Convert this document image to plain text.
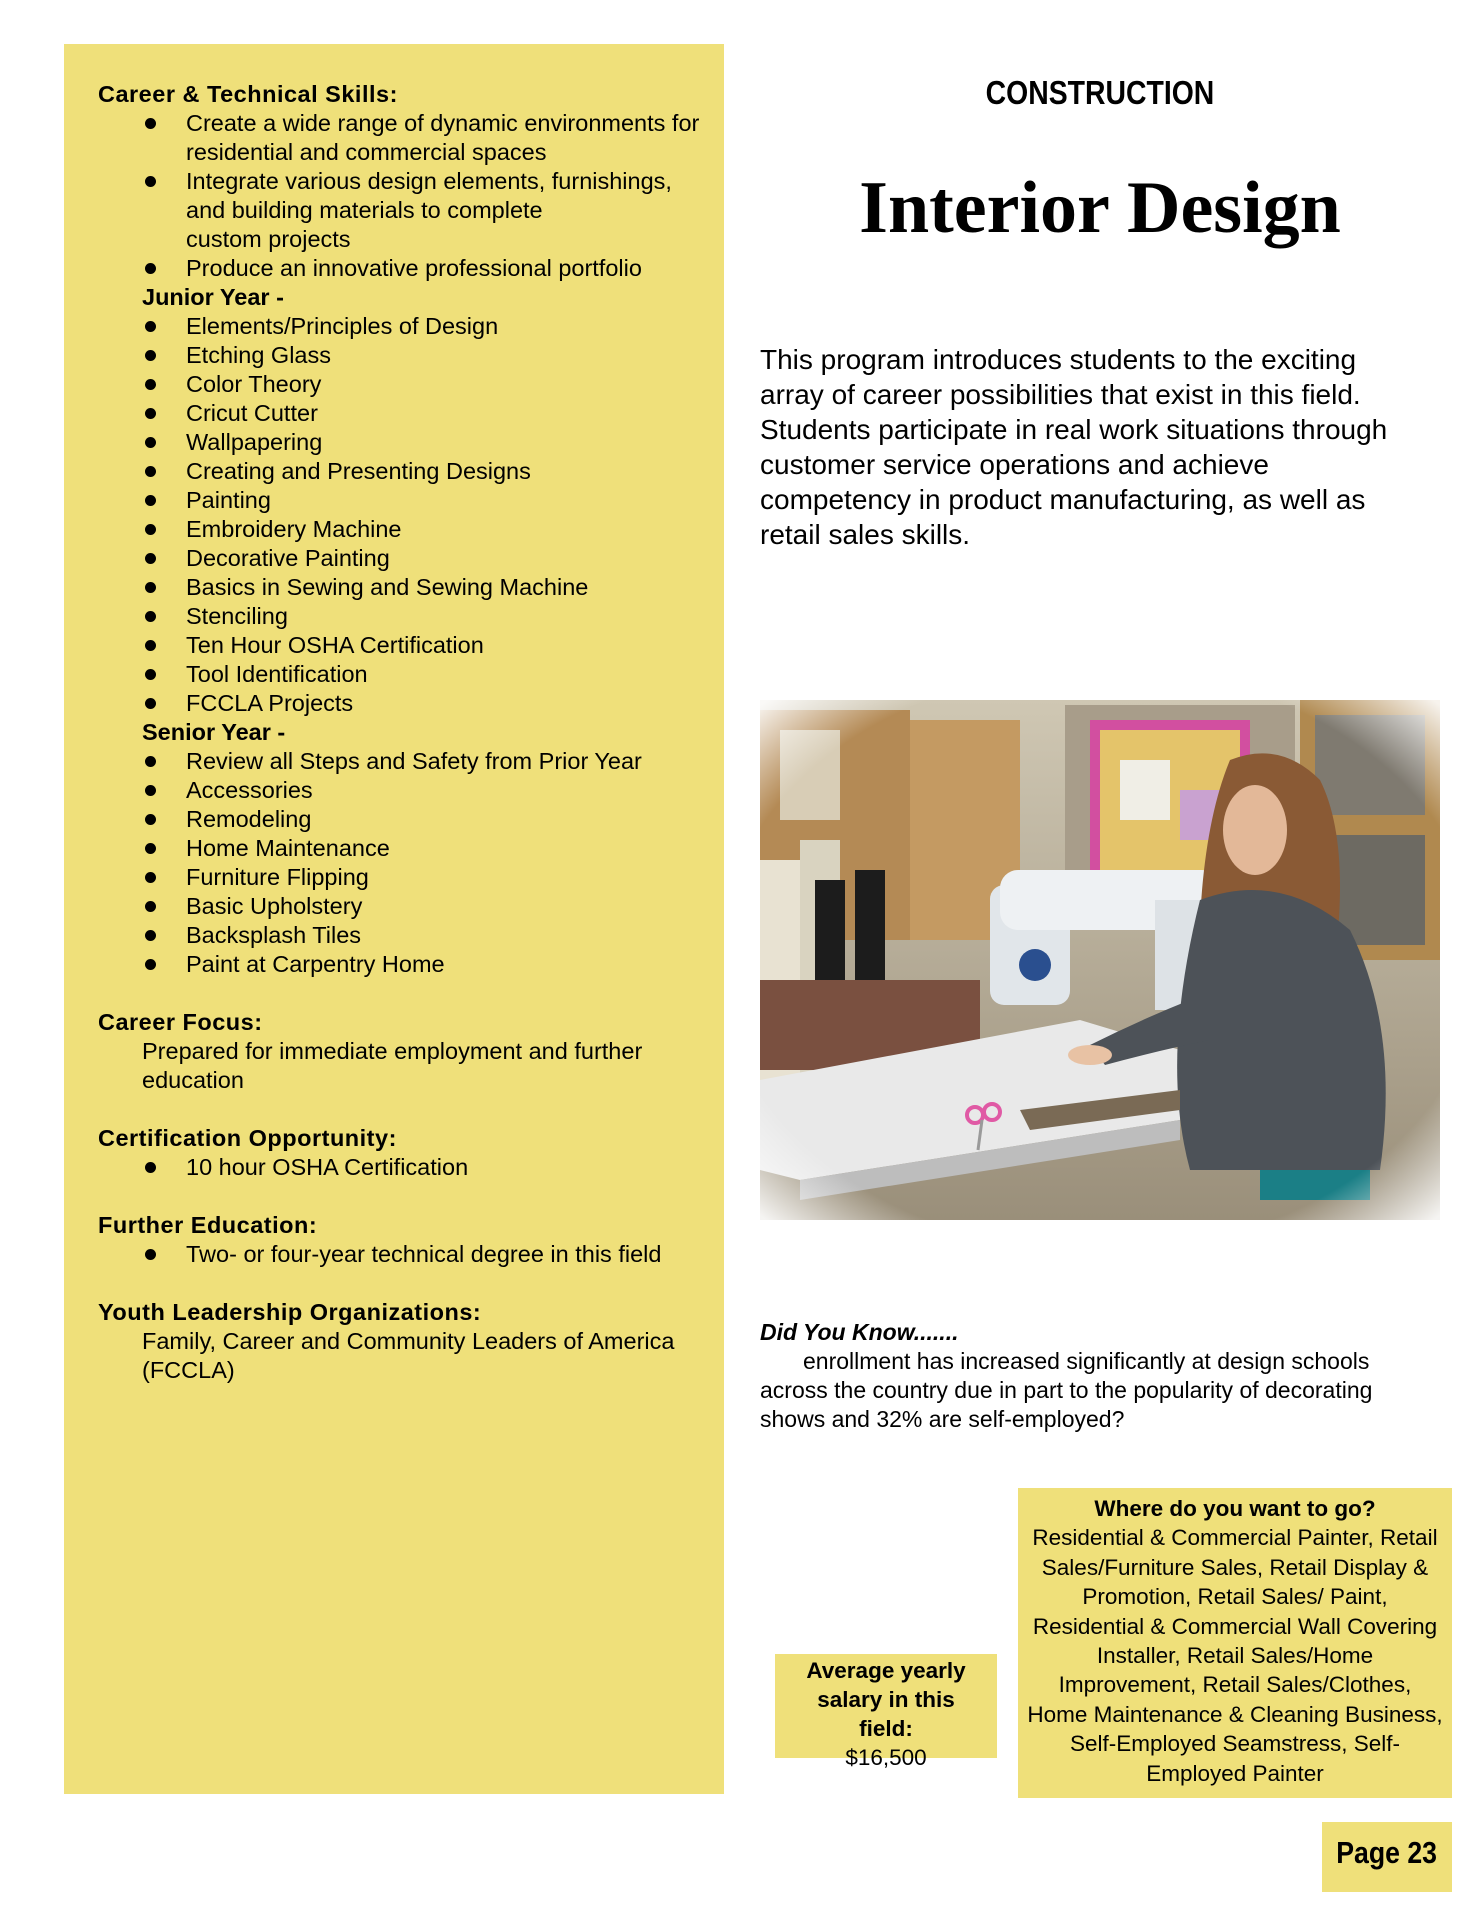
Career & Technical Skills:
Create a wide range of dynamic environments for
residential and commercial spaces
Integrate various design elements, furnishings,
and building materials to complete
custom projects
Produce an innovative professional portfolio
Junior Year -
Elements/Principles of Design
Etching Glass
Color Theory
Cricut Cutter
Wallpapering
Creating and Presenting Designs
Painting
Embroidery Machine
Decorative Painting
Basics in Sewing and Sewing Machine
Stenciling
Ten Hour OSHA Certification
Tool Identification
FCCLA Projects
Senior Year -
Review all Steps and Safety from Prior Year
Accessories
Remodeling
Home Maintenance
Furniture Flipping
Basic Upholstery
Backsplash Tiles
Paint at Carpentry Home
Career Focus:
Prepared for immediate employment and further
education
Certification Opportunity:
10 hour OSHA Certification
Further Education:
Two- or four-year technical degree in this field
Youth Leadership Organizations:
Family, Career and Community Leaders of America
(FCCLA)
CONSTRUCTION
Interior Design
This program introduces students to the exciting array of career possibilities that exist in this field. Students participate in real work situations through customer service operations and achieve competency in product manufacturing, as well as retail sales skills.
Did You Know.......
enrollment has increased significantly at design schools across the country due in part to the popularity of decorating shows and 32% are self-employed?
Average yearly
salary in this
field:
$16,500
Where do you want to go?
Residential & Commercial Painter, Retail Sales/Furniture Sales, Retail Display & Promotion, Retail Sales/ Paint, Residential & Commercial Wall Covering Installer, Retail Sales/Home Improvement, Retail Sales/Clothes, Home Maintenance & Cleaning Business, Self-Employed Seamstress, Self-Employed Painter
Page 23
